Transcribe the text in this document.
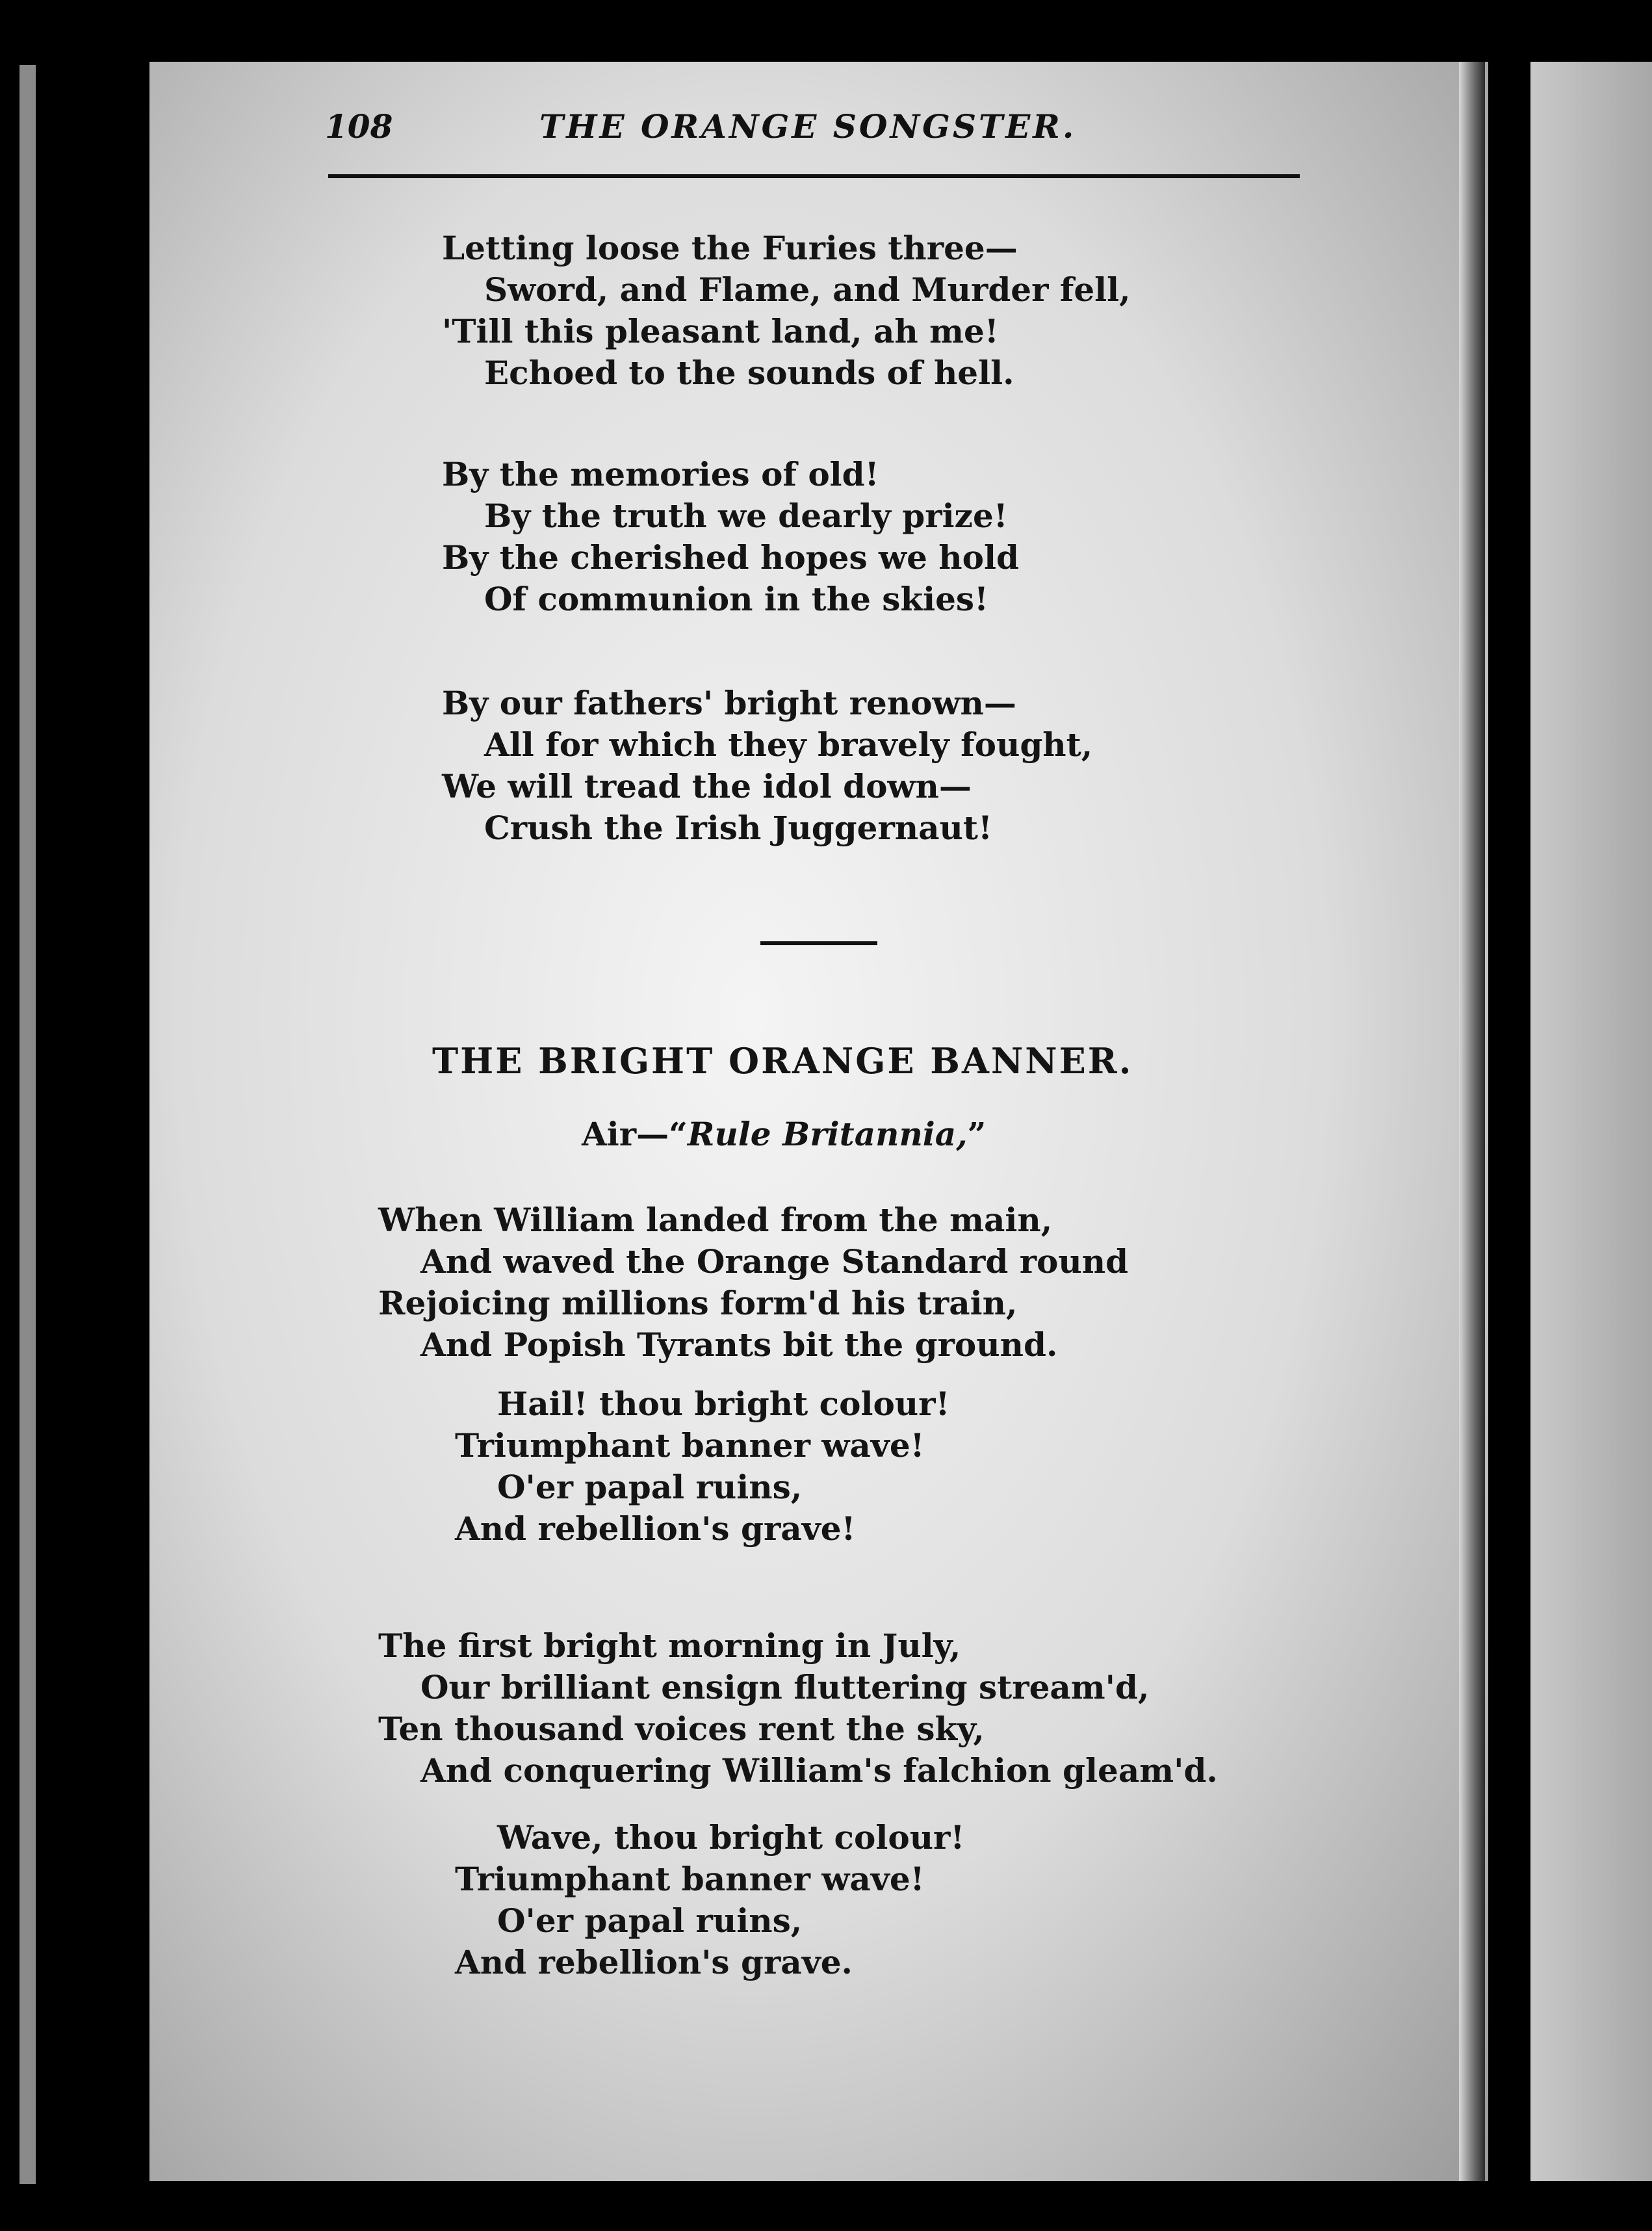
108	THE ORANGE SONGSTER.
Letting loose the Furies three—
Sword, and Flame, and Murder fell,
'Till this pleasant land, ah me!
Echoed to the sounds of hell.
By the memories of old!
By the truth we dearly prize!
By the cherished hopes we hold
Of communion in the skies!
By our fathers' bright renown—
All for which they bravely fought,
We will tread the idol down—
Crush the Irish Juggernaut!
THE BRIGHT ORANGE BANNER.
Air—“Rule Britannia,”
When William landed from the main,
And waved the Orange Standard round
Rejoicing millions form'd his train,
And Popish Tyrants bit the ground.
Hail! thou bright colour!
Triumphant banner wave!
O'er papal ruins,
And rebellion's grave!
The first bright morning in July,
Our brilliant ensign fluttering stream'd,
Ten thousand voices rent the sky,
And conquering William's falchion gleam'd.
Wave, thou bright colour!
Triumphant banner wave!
O'er papal ruins,
And rebellion's grave.
